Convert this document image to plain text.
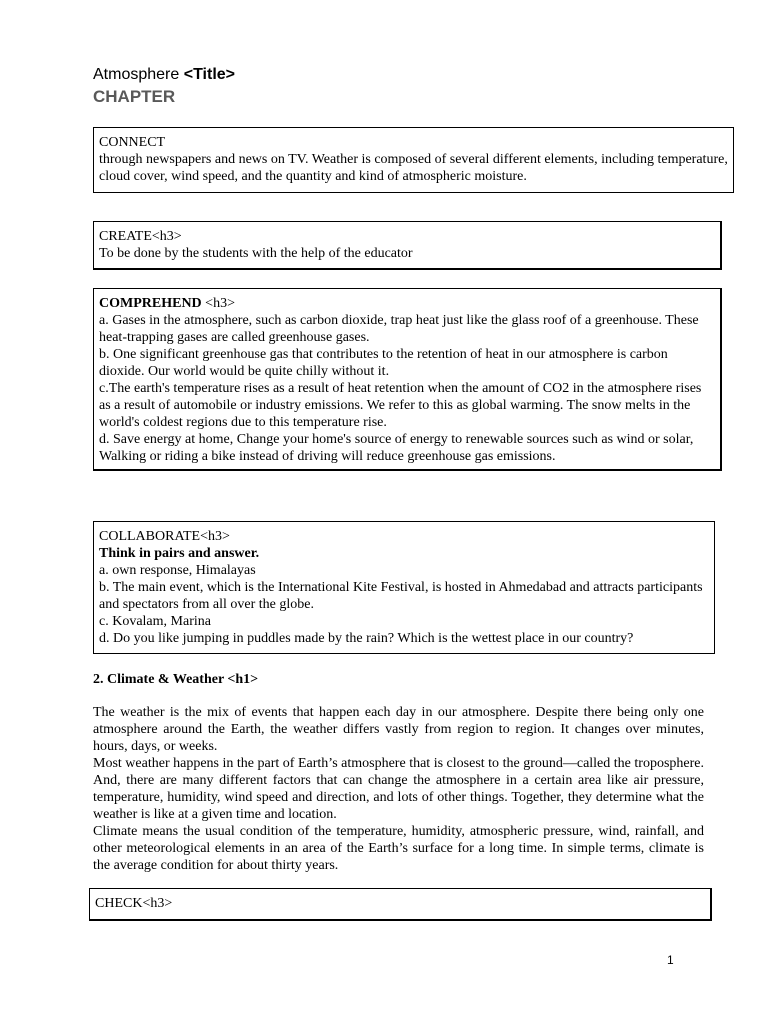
Atmosphere <Title>
CHAPTER

CONNECT

through newspapers and news on TV. Weather is composed of several different elements, including temperature, cloud cover, wind speed, and the quantity and kind of atmospheric moisture.

CREATE<h3>

To be done by the students with the help of the educator

COMPREHEND <h3>

a. Gases in the atmosphere, such as carbon dioxide, trap heat just like the glass roof of a greenhouse. These heat-trapping gases are called greenhouse gases.

b. One significant greenhouse gas that contributes to the retention of heat in our atmosphere is carbon dioxide. Our world would be quite chilly without it.

c.The earth's temperature rises as a result of heat retention when the amount of CO2 in the atmosphere rises as a result of automobile or industry emissions. We refer to this as global warming. The snow melts in the world's coldest regions due to this temperature rise.

d. Save energy at home, Change your home's source of energy to renewable sources such as wind or solar, Walking or riding a bike instead of driving will reduce greenhouse gas emissions.

COLLABORATE<h3>

Think in pairs and answer.

a. own response, Himalayas

b. The main event, which is the International Kite Festival, is hosted in Ahmedabad and attracts participants and spectators from all over the globe.

c. Kovalam, Marina

d. Do you like jumping in puddles made by the rain? Which is the wettest place in our country?

2. Climate & Weather <h1>

The weather is the mix of events that happen each day in our atmosphere. Despite there being only one atmosphere around the Earth, the weather differs vastly from region to region. It changes over minutes, hours, days, or weeks.

Most weather happens in the part of Earth’s atmosphere that is closest to the ground—called the troposphere. And, there are many different factors that can change the atmosphere in a certain area like air pressure, temperature, humidity, wind speed and direction, and lots of other things. Together, they determine what the weather is like at a given time and location.

Climate means the usual condition of the temperature, humidity, atmospheric pressure, wind, rainfall, and other meteorological elements in an area of the Earth’s surface for a long time. In simple terms, climate is the average condition for about thirty years.

CHECK<h3>

1
